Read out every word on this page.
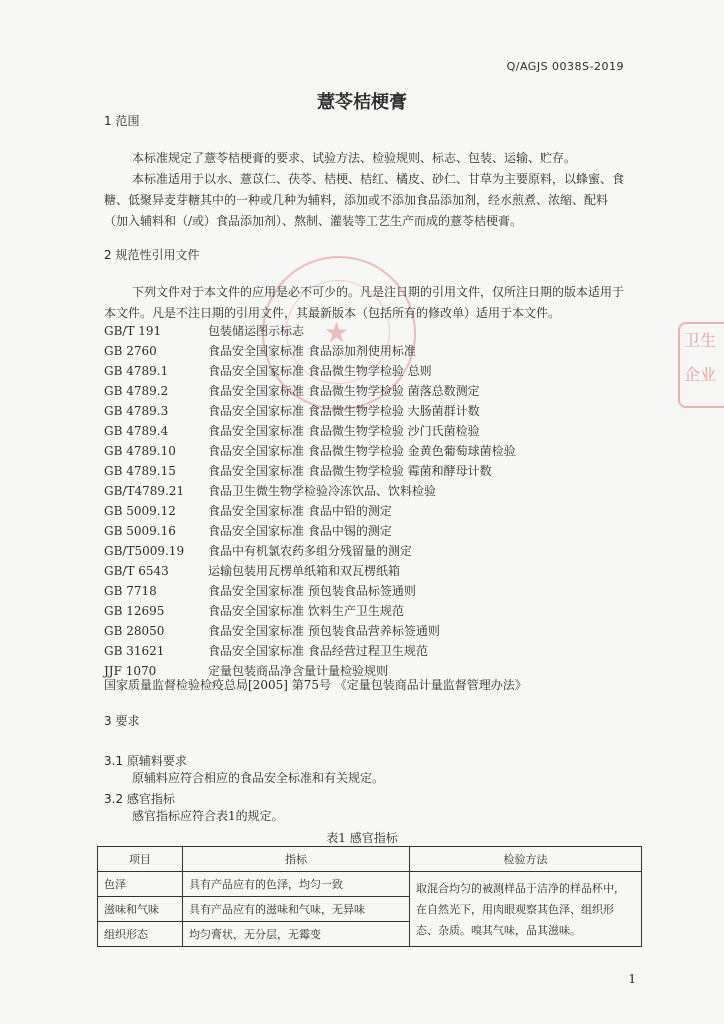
★	卫生
企业
Q/AGJS 0038S-2019
薏苓桔梗膏
1 范围
本标准规定了薏苓桔梗膏的要求、试验方法、检验规则、标志、包装、运输、贮存。
本标准适用于以水、薏苡仁、茯苓、桔梗、桔红、橘皮、砂仁、甘草为主要原料，以蜂蜜、食糖、低聚异麦芽糖其中的一种或几种为辅料，添加或不添加食品添加剂，经水煎煮、浓缩、配料（加入辅料和（/或）食品添加剂）、熬制、灌装等工艺生产而成的薏苓桔梗膏。
2 规范性引用文件
下列文件对于本文件的应用是必不可少的。凡是注日期的引用文件，仅所注日期的版本适用于本文件。凡是不注日期的引用文件，其最新版本（包括所有的修改单）适用于本文件。
GB/T 191	包装储运图示标志
GB 2760	食品安全国家标准 食品添加剂使用标准
GB 4789.1	食品安全国家标准 食品微生物学检验 总则
GB 4789.2	食品安全国家标准 食品微生物学检验 菌落总数测定
GB 4789.3	食品安全国家标准 食品微生物学检验 大肠菌群计数
GB 4789.4	食品安全国家标准 食品微生物学检验 沙门氏菌检验
GB 4789.10	食品安全国家标准 食品微生物学检验 金黄色葡萄球菌检验
GB 4789.15	食品安全国家标准 食品微生物学检验 霉菌和酵母计数
GB/T4789.21 食品卫生微生物学检验冷冻饮品、饮料检验
GB 5009.12	食品安全国家标准 食品中铅的测定
GB 5009.16	食品安全国家标准 食品中锡的测定
GB/T5009.19 食品中有机氯农药多组分残留量的测定
GB/T 6543	运输包装用瓦楞单纸箱和双瓦楞纸箱
GB 7718	食品安全国家标准 预包装食品标签通则
GB 12695	食品安全国家标准 饮料生产卫生规范
GB 28050	食品安全国家标准 预包装食品营养标签通则
GB 31621	食品安全国家标准 食品经营过程卫生规范
JJF 1070	定量包装商品净含量计量检验规则
国家质量监督检验检疫总局[2005] 第75号 《定量包装商品计量监督管理办法》
3 要求
3.1 原辅料要求
原辅料应符合相应的食品安全标准和有关规定。
3.2 感官指标
感官指标应符合表1的规定。
表1 感官指标
项目	指标	检验方法
色泽	具有产品应有的色泽，均匀一致	取混合均匀的被测样品于洁净的样品杯中，在自然光下，用肉眼观察其色泽、组织形态、杂质。嗅其气味，品其滋味。
滋味和气味	具有产品应有的滋味和气味，无异味	
组织形态	均匀膏状，无分层，无霉变	
1
